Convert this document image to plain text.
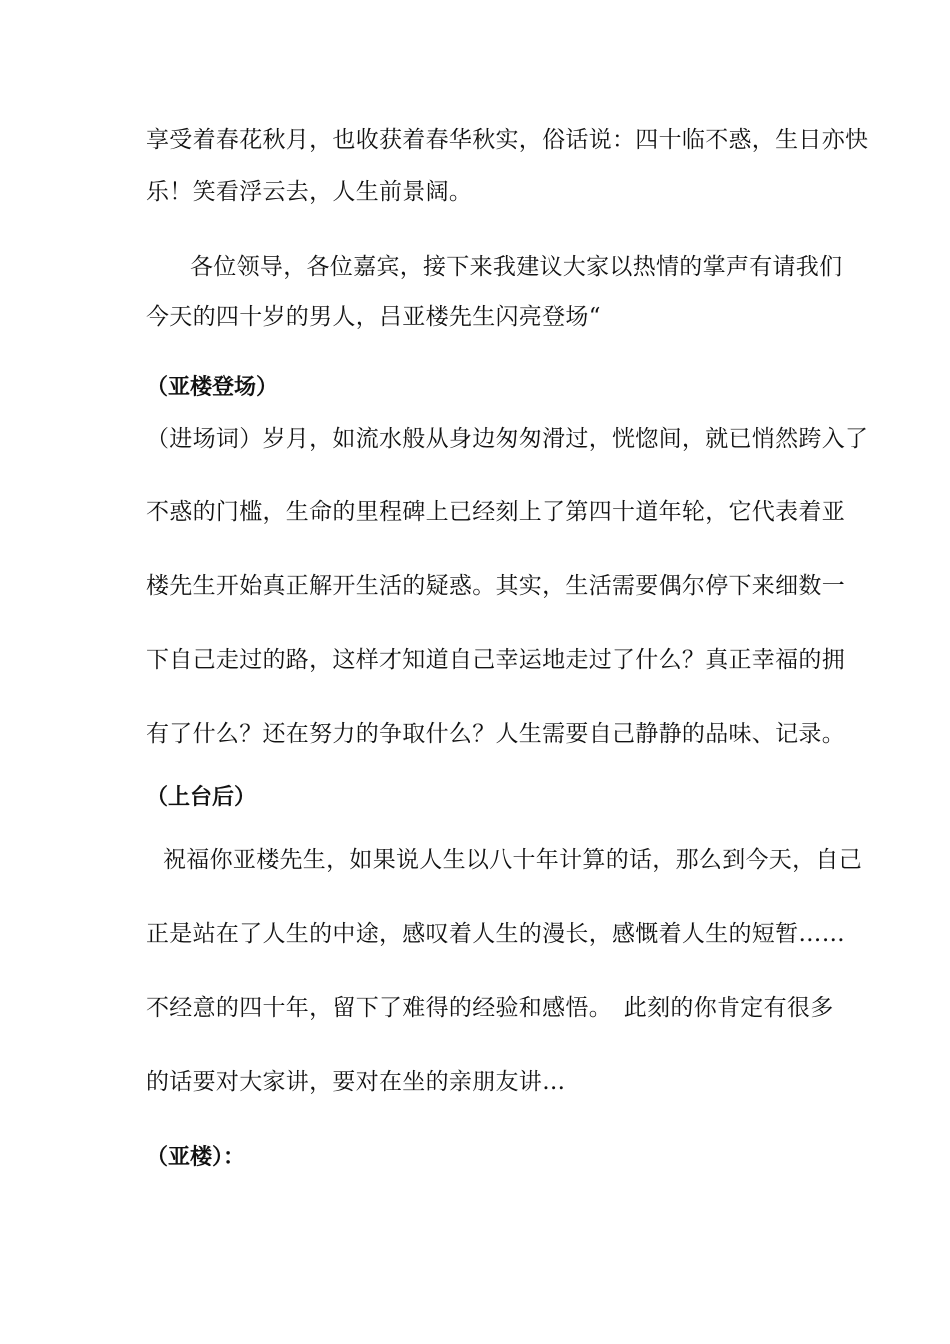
享受着春花秋月，也收获着春华秋实，俗话说：四十临不惑，生日亦快
乐！笑看浮云去，人生前景阔。
各位领导，各位嘉宾，接下来我建议大家以热情的掌声有请我们
今天的四十岁的男人，吕亚楼先生闪亮登场“
（亚楼登场）
（进场词）岁月，如流水般从身边匆匆滑过，恍惚间，就已悄然跨入了
不惑的门槛，生命的里程碑上已经刻上了第四十道年轮，它代表着亚
楼先生开始真正解开生活的疑惑。其实，生活需要偶尔停下来细数一
下自己走过的路，这样才知道自己幸运地走过了什么？真正幸福的拥
有了什么？还在努力的争取什么？人生需要自己静静的品味、记录。
（上台后）
祝福你亚楼先生，如果说人生以八十年计算的话，那么到今天，自己
正是站在了人生的中途，感叹着人生的漫长，感慨着人生的短暂……
不经意的四十年，留下了难得的经验和感悟。　此刻的你肯定有很多
的话要对大家讲，要对在坐的亲朋友讲…
（亚楼）：
